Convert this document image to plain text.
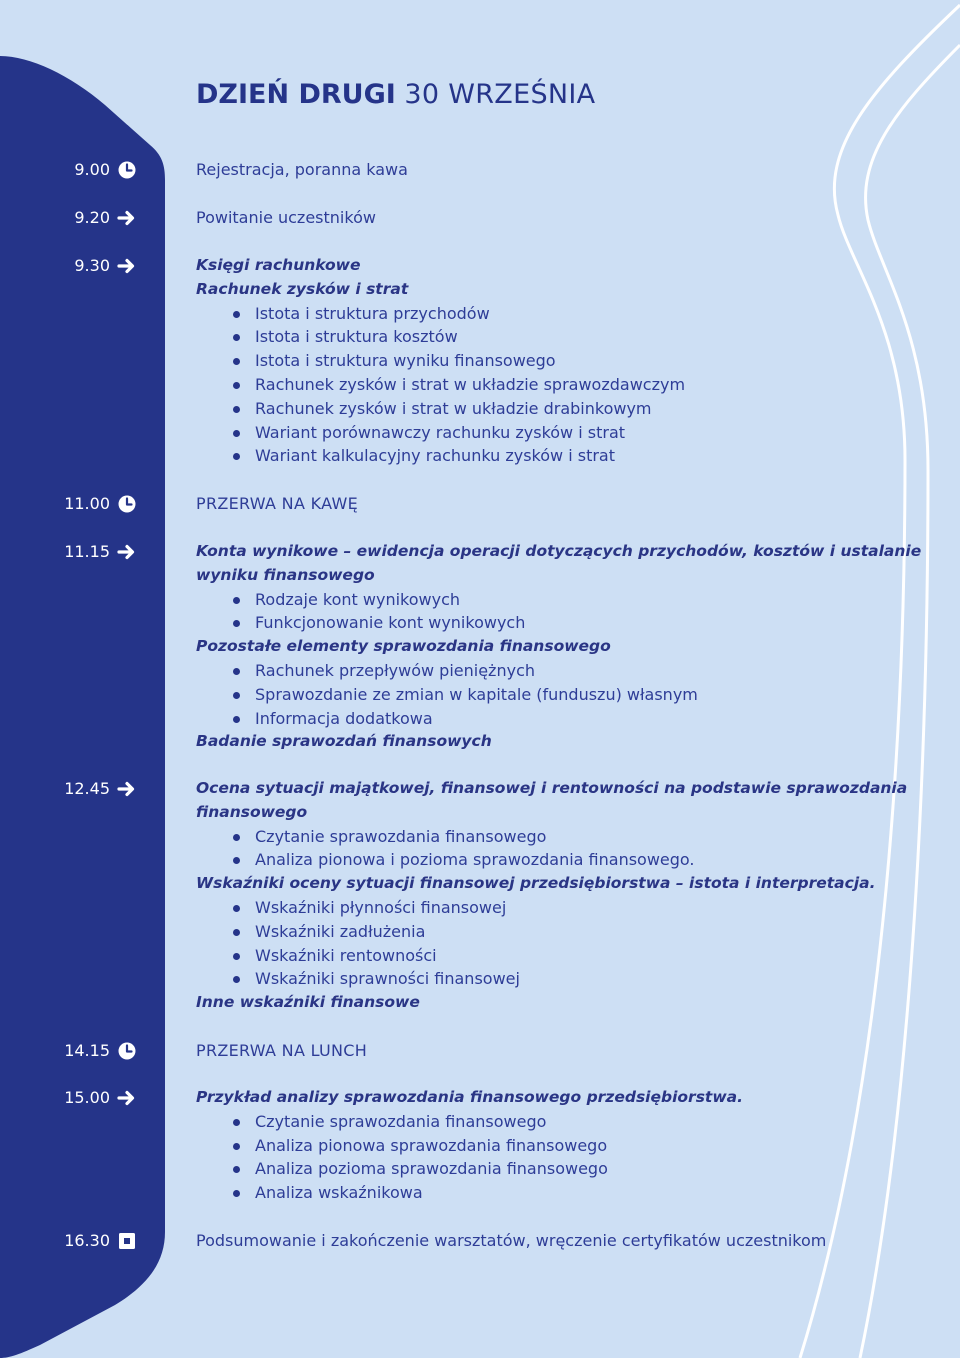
DZIEŃ DRUGI 30 WRZEŚNIA
9.00	Rejestracja, poranna kawa
9.20	Powitanie uczestników
9.30	Księgi rachunkowe
Rachunek zysków i strat
Istota i struktura przychodów
Istota i struktura kosztów
Istota i struktura wyniku finansowego
Rachunek zysków i strat w układzie sprawozdawczym
Rachunek zysków i strat w układzie drabinkowym
Wariant porównawczy rachunku zysków i strat
Wariant kalkulacyjny rachunku zysków i strat
11.00	PRZERWA NA KAWĘ
11.15	Konta wynikowe – ewidencja operacji dotyczących przychodów, kosztów i ustalanie
wyniku finansowego
Rodzaje kont wynikowych
Funkcjonowanie kont wynikowych
Pozostałe elementy sprawozdania finansowego
Rachunek przepływów pieniężnych
Sprawozdanie ze zmian w kapitale (funduszu) własnym
Informacja dodatkowa
Badanie sprawozdań finansowych
12.45	Ocena sytuacji majątkowej, finansowej i rentowności na podstawie sprawozdania
finansowego
Czytanie sprawozdania finansowego
Analiza pionowa i pozioma sprawozdania finansowego.
Wskaźniki oceny sytuacji finansowej przedsiębiorstwa – istota i interpretacja.
Wskaźniki płynności finansowej
Wskaźniki zadłużenia
Wskaźniki rentowności
Wskaźniki sprawności finansowej
Inne wskaźniki finansowe
14.15	PRZERWA NA LUNCH
15.00	Przykład analizy sprawozdania finansowego przedsiębiorstwa.
Czytanie sprawozdania finansowego
Analiza pionowa sprawozdania finansowego
Analiza pozioma sprawozdania finansowego
Analiza wskaźnikowa
16.30	Podsumowanie i zakończenie warsztatów, wręczenie certyfikatów uczestnikom
